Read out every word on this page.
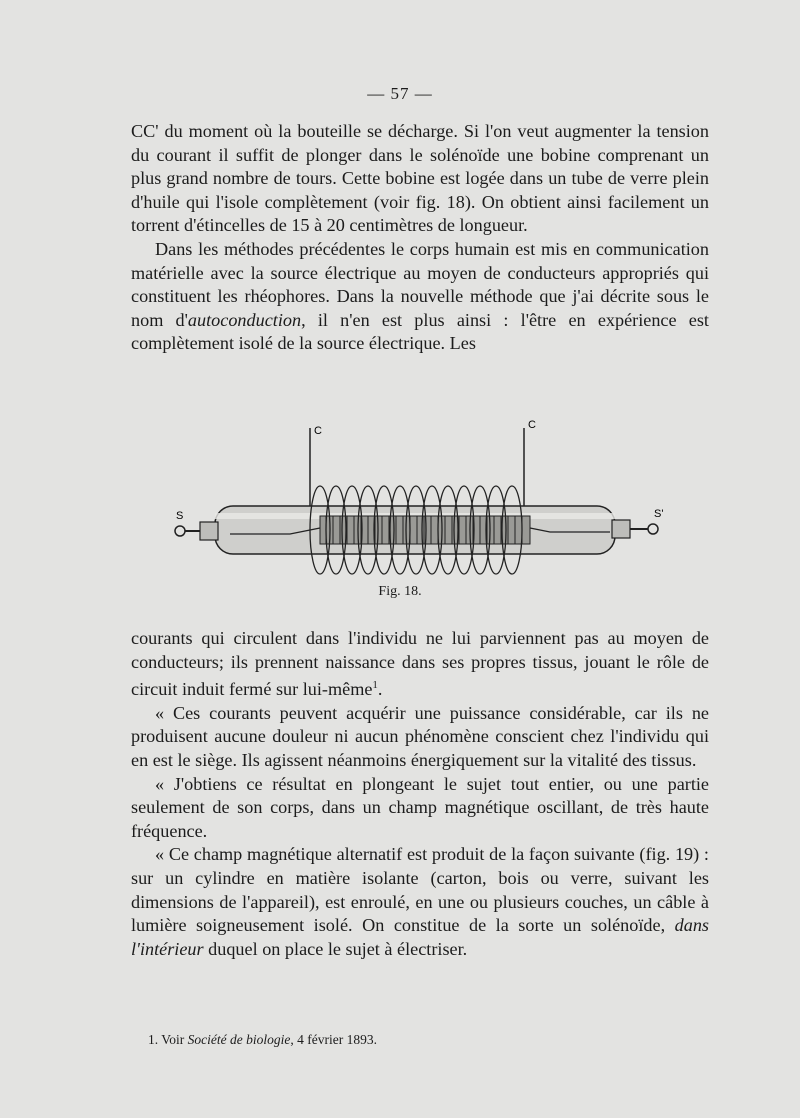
— 57 —

CC' du moment où la bouteille se décharge. Si l'on veut augmenter la tension du courant il suffit de plonger dans le solénoïde une bobine comprenant un plus grand nombre de tours. Cette bobine est logée dans un tube de verre plein d'huile qui l'isole complètement (voir fig. 18). On obtient ainsi facilement un torrent d'étincelles de 15 à 20 centimètres de longueur.

Dans les méthodes précédentes le corps humain est mis en communication matérielle avec la source électrique au moyen de conducteurs appropriés qui constituent les rhéophores. Dans la nouvelle méthode que j'ai décrite sous le nom d'autoconduction, il n'en est plus ainsi : l'être en expérience est complètement isolé de la source électrique. Les

C	C
S	S'
Fig. 18.

courants qui circulent dans l'individu ne lui parviennent pas au moyen de conducteurs; ils prennent naissance dans ses propres tissus, jouant le rôle de circuit induit fermé sur lui-même$^1$.

« Ces courants peuvent acquérir une puissance considérable, car ils ne produisent aucune douleur ni aucun phénomène conscient chez l'individu qui en est le siège. Ils agissent néanmoins énergiquement sur la vitalité des tissus.

« J'obtiens ce résultat en plongeant le sujet tout entier, ou une partie seulement de son corps, dans un champ magnétique oscillant, de très haute fréquence.

« Ce champ magnétique alternatif est produit de la façon suivante (fig. 19) : sur un cylindre en matière isolante (carton, bois ou verre, suivant les dimensions de l'appareil), est enroulé, en une ou plusieurs couches, un câble à lumière soigneusement isolé. On constitue de la sorte un solénoïde, dans l'intérieur duquel on place le sujet à électriser.

1. Voir Société de biologie, 4 février 1893.
